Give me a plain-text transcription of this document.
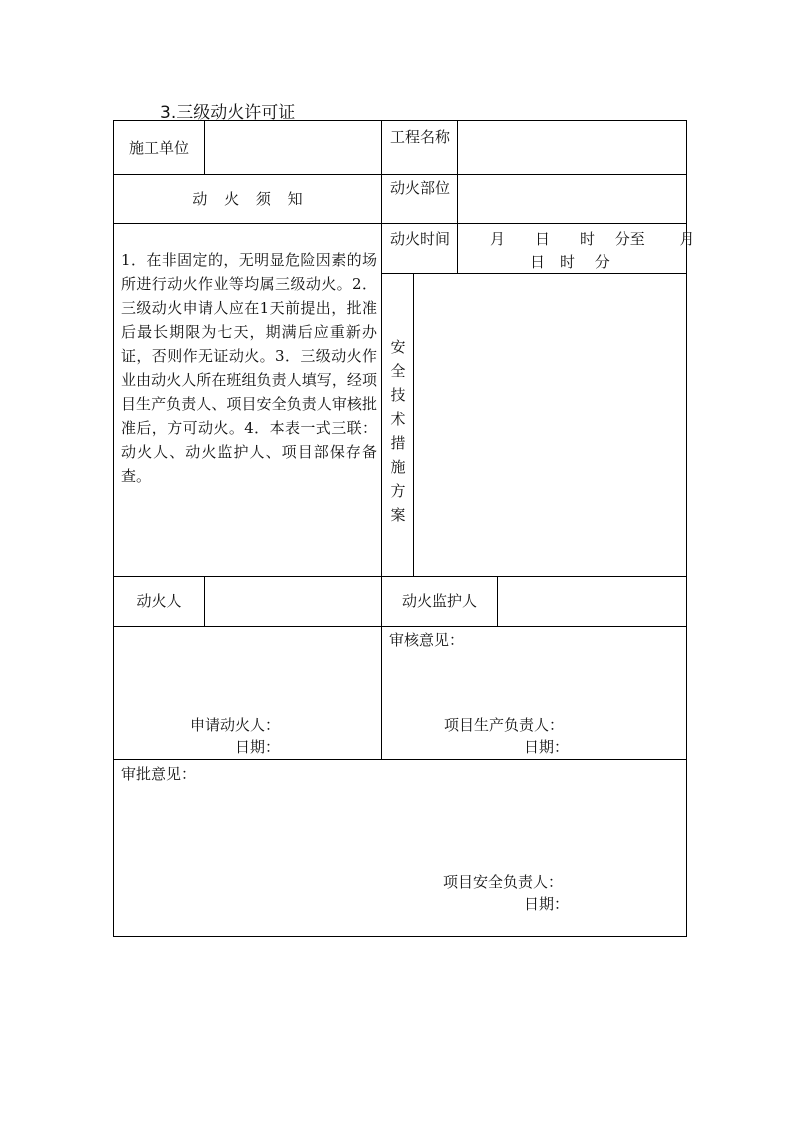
3.三级动火许可证
施工单位
工程名称
动 火 须 知
动火部位
动火时间	月　　日　　时　 分至　　 月
日　时　 分
1．在非固定的，无明显危险因素的场所进行动火作业等均属三级动火。2．三级动火申请人应在1天前提出，批准后最长期限为七天，期满后应重新办证，否则作无证动火。3．三级动火作业由动火人所在班组负责人填写，经项目生产负责人、项目安全负责人审核批准后，方可动火。4．本表一式三联：动火人、动火监护人、项目部保存备查。
安全技术措施方案
动火人	动火监护人
审核意见：
申请动火人：
日期：
项目生产负责人：
日期：
审批意见：
项目安全负责人：
日期：
